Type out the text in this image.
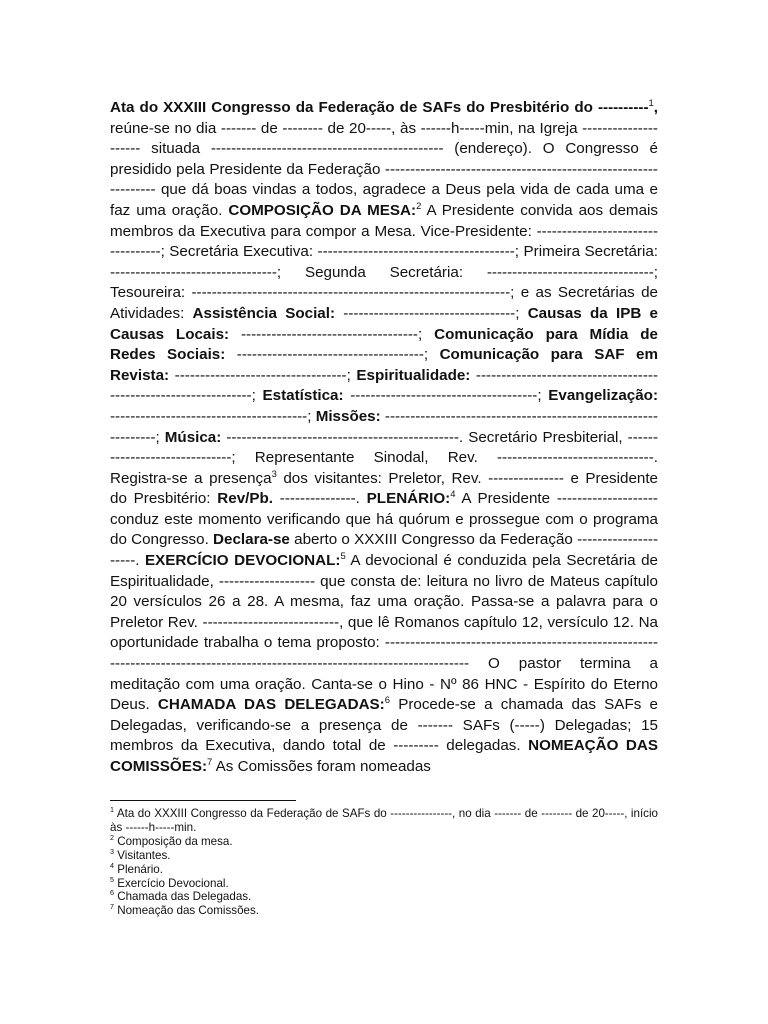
Ata do XXXIII Congresso da Federação de SAFs do Presbitério do ----------$^1$, reúne-se no dia ------- de -------- de 20-----, às ------h-----min, na Igreja --------------------- situada ---------------------------------------------- (endereço). O Congresso é presidido pela Presidente da Federação --------------------------------------------------------------- que dá boas vindas a todos, agradece a Deus pela vida de cada uma e faz uma oração. COMPOSIÇÃO DA MESA:$^2$ A Presidente convida aos demais membros da Executiva para compor a Mesa. Vice-Presidente: ----------------------------------; Secretária Executiva: ---------------------------------------; Primeira Secretária: ---------------------------------; Segunda Secretária: ---------------------------------; Tesoureira: ---------------------------------------------------------------; e as Secretárias de Atividades: Assistência Social: ----------------------------------; Causas da IPB e Causas Locais: -----------------------------------; Comunicação para Mídia de Redes Sociais: -------------------------------------; Comunicação para SAF em Revista: ----------------------------------; Espiritualidade: ----------------------------------------------------------------; Estatística: -------------------------------------; Evangelização: ---------------------------------------; Missões: ---------------------------------------------------------------; Música: ----------------------------------------------. Secretário Presbiterial, ------------------------------; Representante Sinodal, Rev. -------------------------------. Registra-se a presença$^3$ dos visitantes: Preletor, Rev. --------------- e Presidente do Presbitério: Rev/Pb. ---------------. PLENÁRIO:$^4$ A Presidente -------------------- conduz este momento verificando que há quórum e prossegue com o programa do Congresso. Declara-se aberto o XXXIII Congresso da Federação ---------------------. EXERCÍCIO DEVOCIONAL:$^5$ A devocional é conduzida pela Secretária de Espiritualidade, ------------------- que consta de: leitura no livro de Mateus capítulo 20 versículos 26 a 28. A mesma, faz uma oração. Passa-se a palavra para o Preletor Rev. ---------------------------, que lê Romanos capítulo 12, versículo 12. Na oportunidade trabalha o tema proposto: ----------------------------------------------------------------------------------------------------------------------------- O pastor termina a meditação com uma oração. Canta-se o Hino - Nº 86 HNC - Espírito do Eterno Deus. CHAMADA DAS DELEGADAS:$^6$ Procede-se a chamada das SAFs e Delegadas, verificando-se a presença de ------- SAFs (-----) Delegadas; 15 membros da Executiva, dando total de --------- delegadas. NOMEAÇÃO DAS COMISSÕES:$^7$ As Comissões foram nomeadas

$^1$ Ata do XXXIII Congresso da Federação de SAFs do ----------------, no dia ------- de -------- de 20-----, início às ------h-----min.

$^2$ Composição da mesa.

$^3$ Visitantes.

$^4$ Plenário.

$^5$ Exercício Devocional.

$^6$ Chamada das Delegadas.

$^7$ Nomeação das Comissões.
